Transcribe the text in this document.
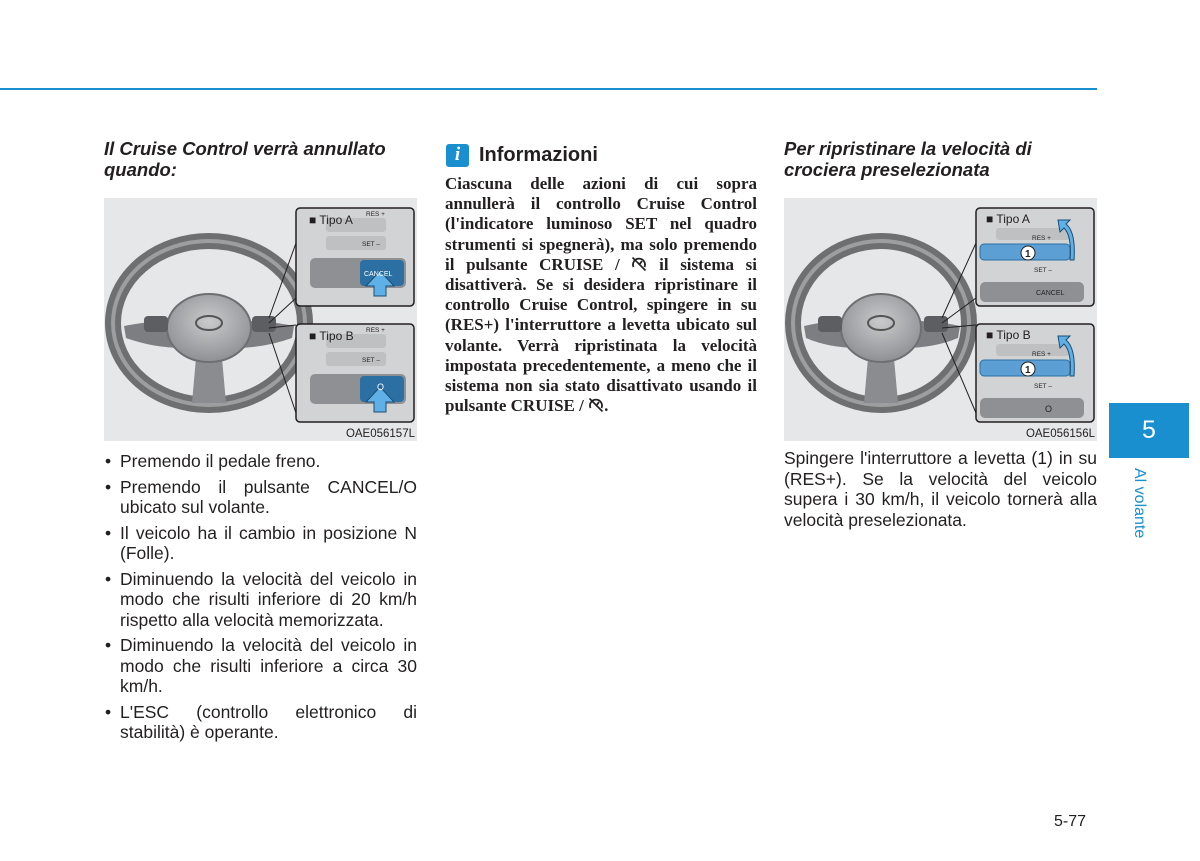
Il Cruise Control verrà annullato quando:

■ Tipo A RES +
SET –
CANCEL
■ Tipo B RES +
SET –
O
OAE056157L
• Premendo il pedale freno.
• Premendo il pulsante CANCEL/O ubicato sul volante.
• Il veicolo ha il cambio in posizione N (Folle).
• Diminuendo la velocità del veicolo in modo che risulti inferiore di 20 km/h rispetto alla velocità memorizzata.
• Diminuendo la velocità del veicolo in modo che risulti inferiore a circa 30 km/h.
• L'ESC (controllo elettronico di stabilità) è operante.
i Informazioni
Ciascuna delle azioni di cui sopra annullerà il controllo Cruise Control (l'indicatore luminoso SET nel quadro strumenti si spegnerà), ma solo premendo il pulsante CRUISE / il sistema si disattiverà. Se si desidera ripristinare il controllo Cruise Control, spingere in su (RES+) l'interruttore a levetta ubicato sul volante. Verrà ripristinata la velocità impostata precedentemente, a meno che il sistema non sia stato disattivato usando il pulsante CRUISE / .

Per ripristinare la velocità di crociera preselezionata

■ Tipo A
RES +
SET –
CANCEL
1
■ Tipo B
RES +
SET –
O
1
OAE056156L
Spingere l'interruttore a levetta (1) in su (RES+). Se la velocità del veicolo supera i 30 km/h, il veicolo tornerà alla velocità preselezionata.
5
Al volante
5-77
